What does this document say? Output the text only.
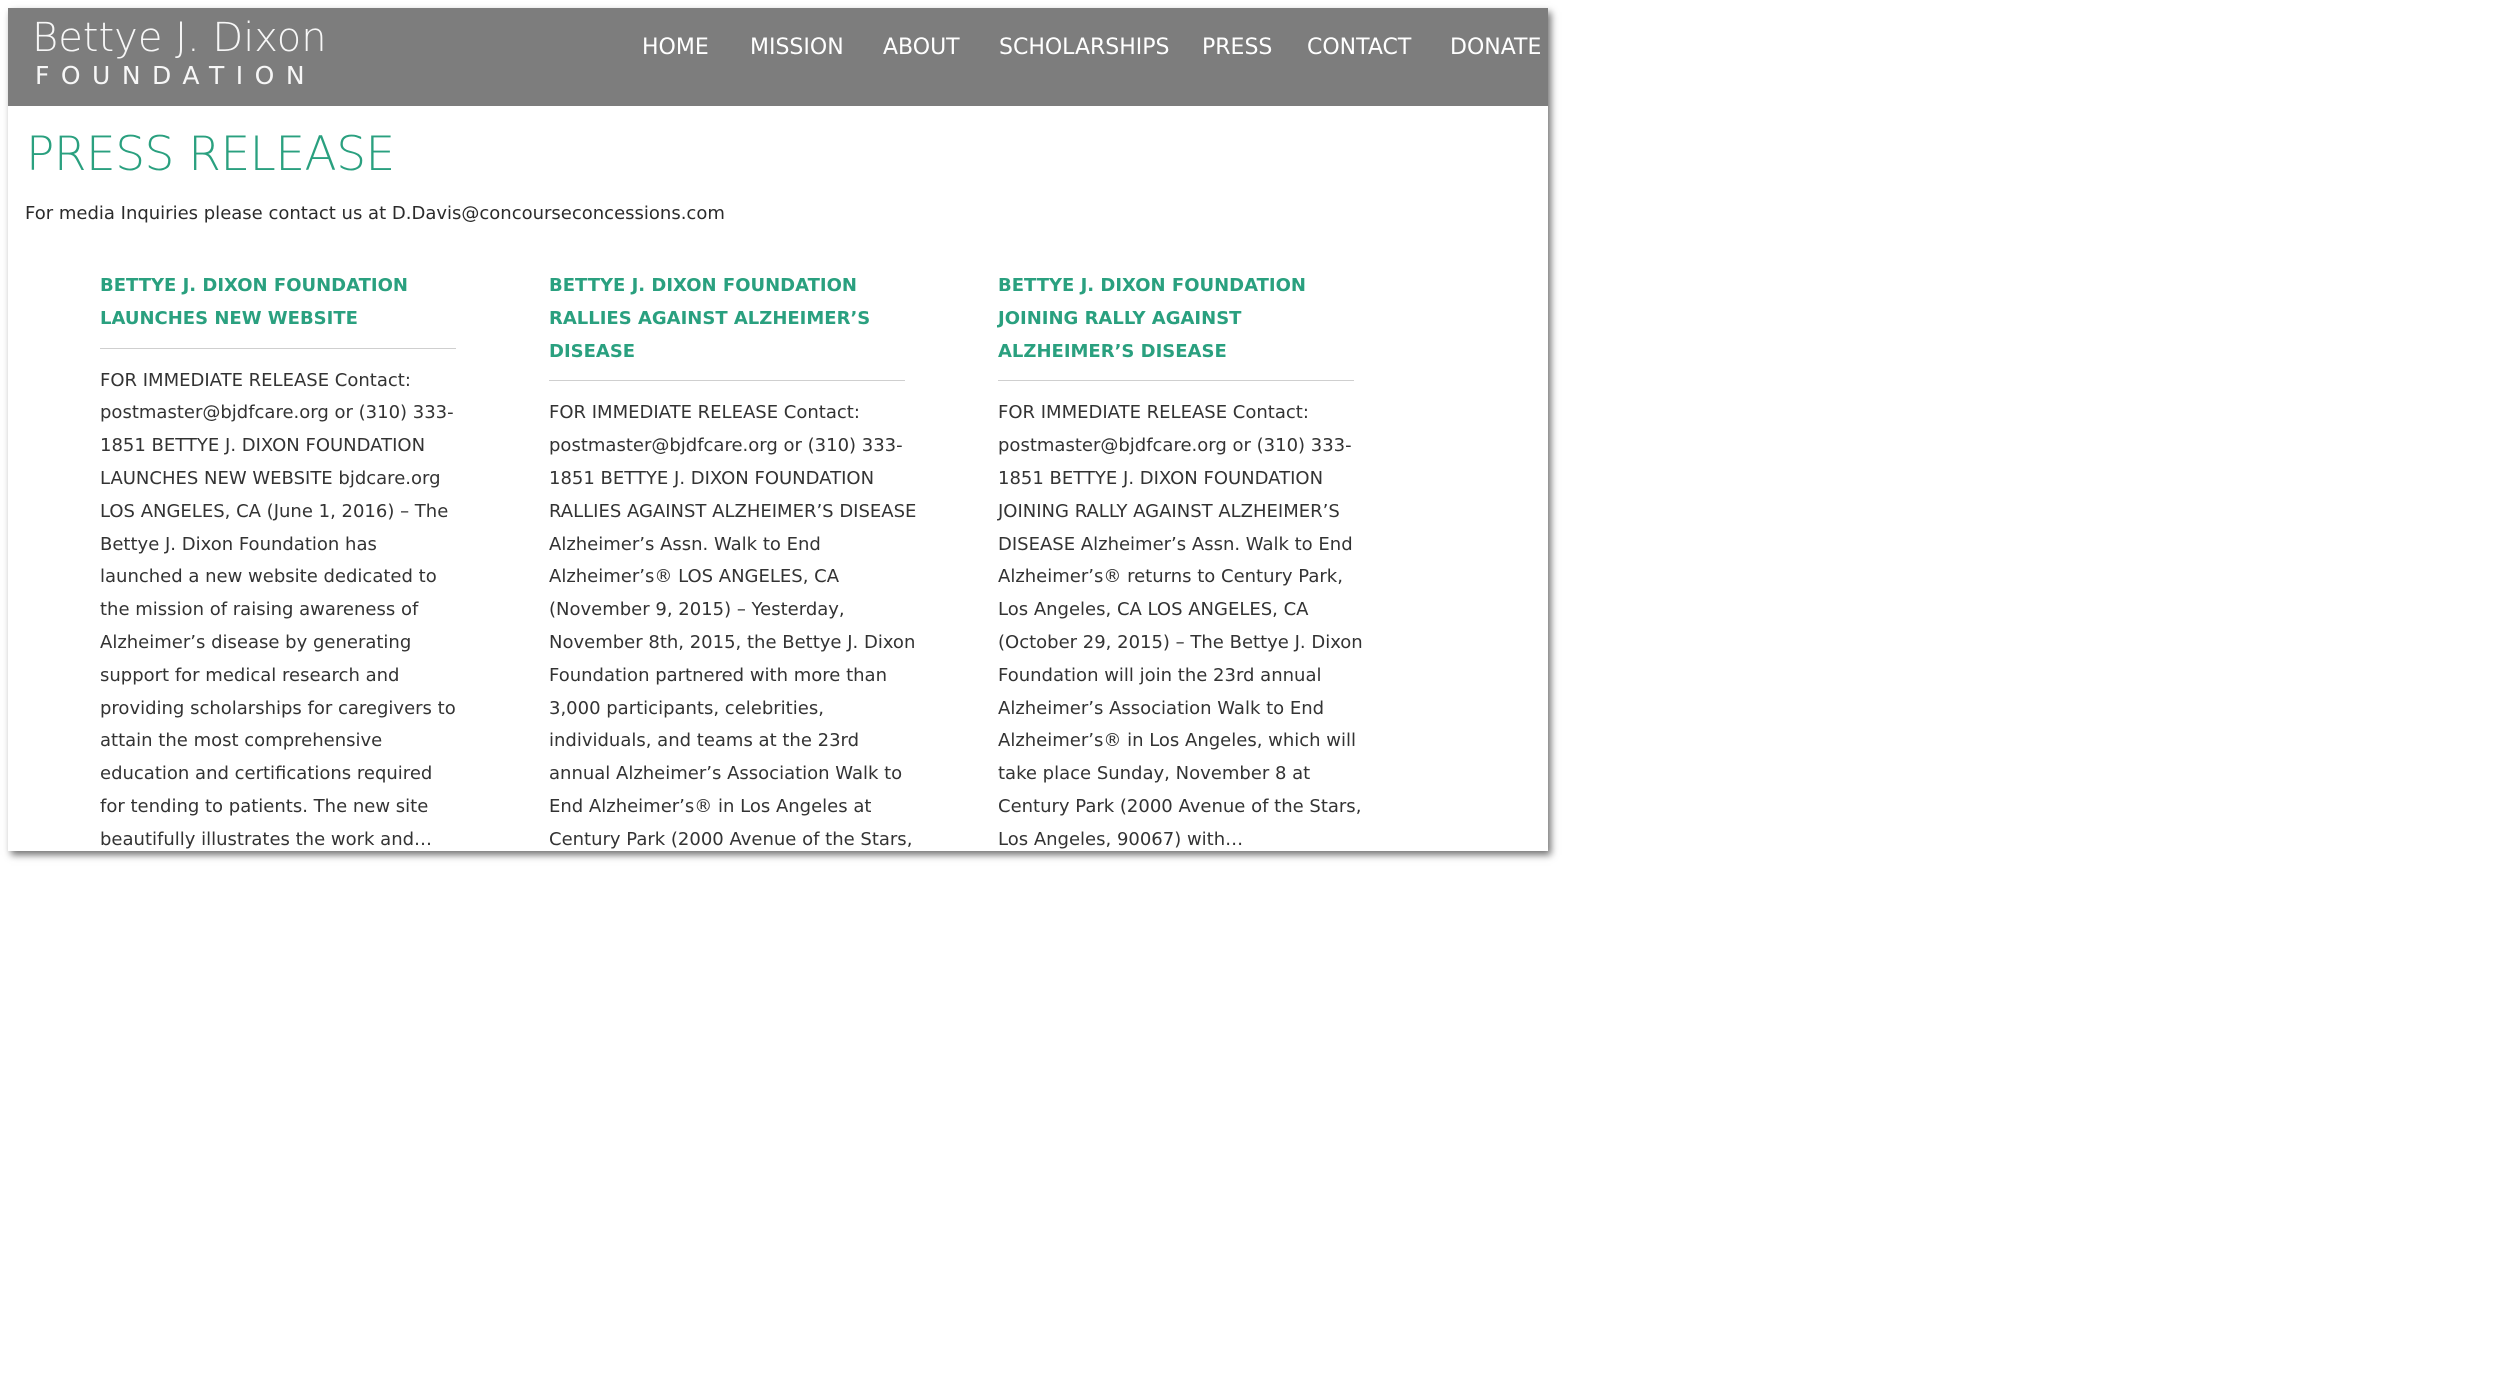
Bettye J. Dixon
FOUNDATION
HOME MISSION ABOUT SCHOLARSHIPS PRESS CONTACT DONATE
PRESS RELEASE
For media Inquiries please contact us at D.Davis@concourseconcessions.com
BETTYE J. DIXON FOUNDATION
LAUNCHES NEW WEBSITE
FOR IMMEDIATE RELEASE Contact:
postmaster@bjdfcare.org or (310) 333-
1851 BETTYE J. DIXON FOUNDATION
LAUNCHES NEW WEBSITE bjdcare.org
LOS ANGELES, CA (June 1, 2016) – The
Bettye J. Dixon Foundation has
launched a new website dedicated to
the mission of raising awareness of
Alzheimer’s disease by generating
support for medical research and
providing scholarships for caregivers to
attain the most comprehensive
education and certifications required
for tending to patients. The new site
beautifully illustrates the work and…
BETTYE J. DIXON FOUNDATION
RALLIES AGAINST ALZHEIMER’S
DISEASE
FOR IMMEDIATE RELEASE Contact:
postmaster@bjdfcare.org or (310) 333-
1851 BETTYE J. DIXON FOUNDATION
RALLIES AGAINST ALZHEIMER’S DISEASE
Alzheimer’s Assn. Walk to End
Alzheimer’s® LOS ANGELES, CA
(November 9, 2015) – Yesterday,
November 8th, 2015, the Bettye J. Dixon
Foundation partnered with more than
3,000 participants, celebrities,
individuals, and teams at the 23rd
annual Alzheimer’s Association Walk to
End Alzheimer’s® in Los Angeles at
Century Park (2000 Avenue of the Stars,
BETTYE J. DIXON FOUNDATION
JOINING RALLY AGAINST
ALZHEIMER’S DISEASE
FOR IMMEDIATE RELEASE Contact:
postmaster@bjdfcare.org or (310) 333-
1851 BETTYE J. DIXON FOUNDATION
JOINING RALLY AGAINST ALZHEIMER’S
DISEASE Alzheimer’s Assn. Walk to End
Alzheimer’s® returns to Century Park,
Los Angeles, CA LOS ANGELES, CA
(October 29, 2015) – The Bettye J. Dixon
Foundation will join the 23rd annual
Alzheimer’s Association Walk to End
Alzheimer’s® in Los Angeles, which will
take place Sunday, November 8 at
Century Park (2000 Avenue of the Stars,
Los Angeles, 90067) with…
